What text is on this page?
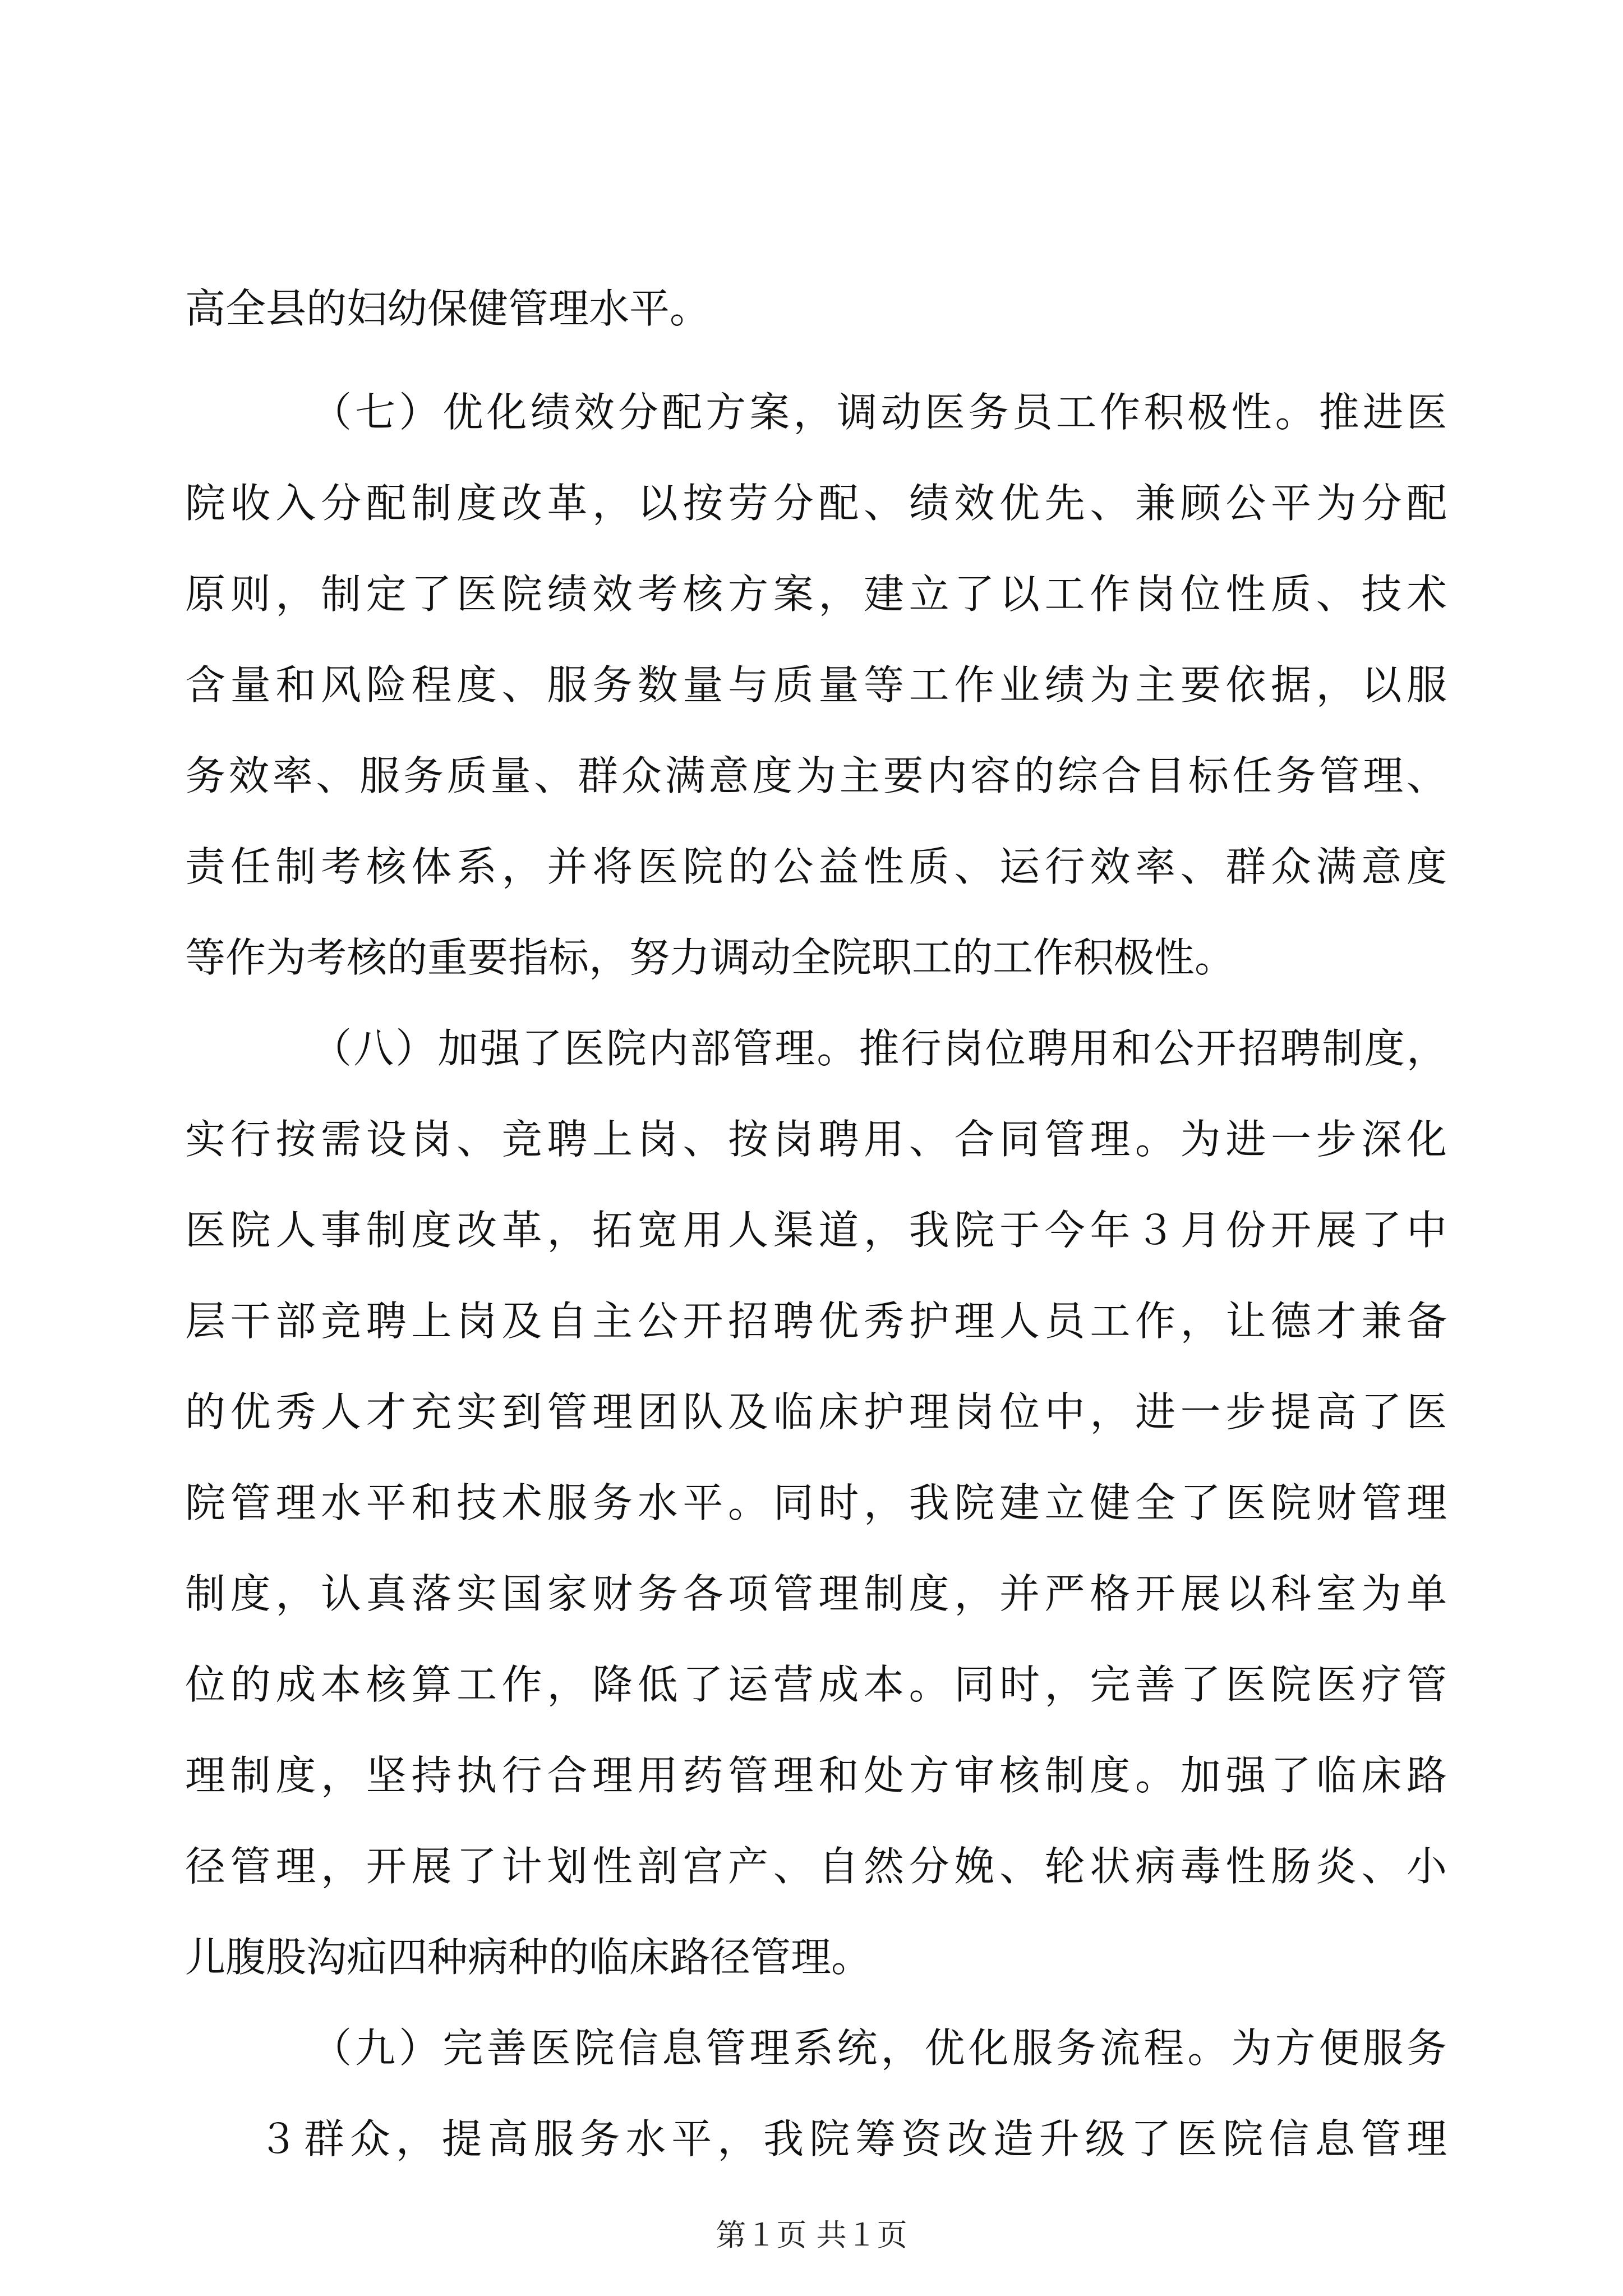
高全县的妇幼保健管理水平。
（七）优化绩效分配方案，调动医务员工作积极性。推进医
院收入分配制度改革，以按劳分配、绩效优先、兼顾公平为分配
原则，制定了医院绩效考核方案，建立了以工作岗位性质、技术
含量和风险程度、服务数量与质量等工作业绩为主要依据，以服
务效率、服务质量、群众满意度为主要内容的综合目标任务管理、
责任制考核体系，并将医院的公益性质、运行效率、群众满意度
等作为考核的重要指标，努力调动全院职工的工作积极性。
（八）加强了医院内部管理。推行岗位聘用和公开招聘制度，
实行按需设岗、竞聘上岗、按岗聘用、合同管理。为进一步深化
医院人事制度改革，拓宽用人渠道，我院于今年３月份开展了中
层干部竞聘上岗及自主公开招聘优秀护理人员工作，让德才兼备
的优秀人才充实到管理团队及临床护理岗位中，进一步提高了医
院管理水平和技术服务水平。同时，我院建立健全了医院财管理
制度，认真落实国家财务各项管理制度，并严格开展以科室为单
位的成本核算工作，降低了运营成本。同时，完善了医院医疗管
理制度，坚持执行合理用药管理和处方审核制度。加强了临床路
径管理，开展了计划性剖宫产、自然分娩、轮状病毒性肠炎、小
儿腹股沟疝四种病种的临床路径管理。
（九）完善医院信息管理系统，优化服务流程。为方便服务
３群众，提高服务水平，我院筹资改造升级了医院信息管理
第１页 共１页
